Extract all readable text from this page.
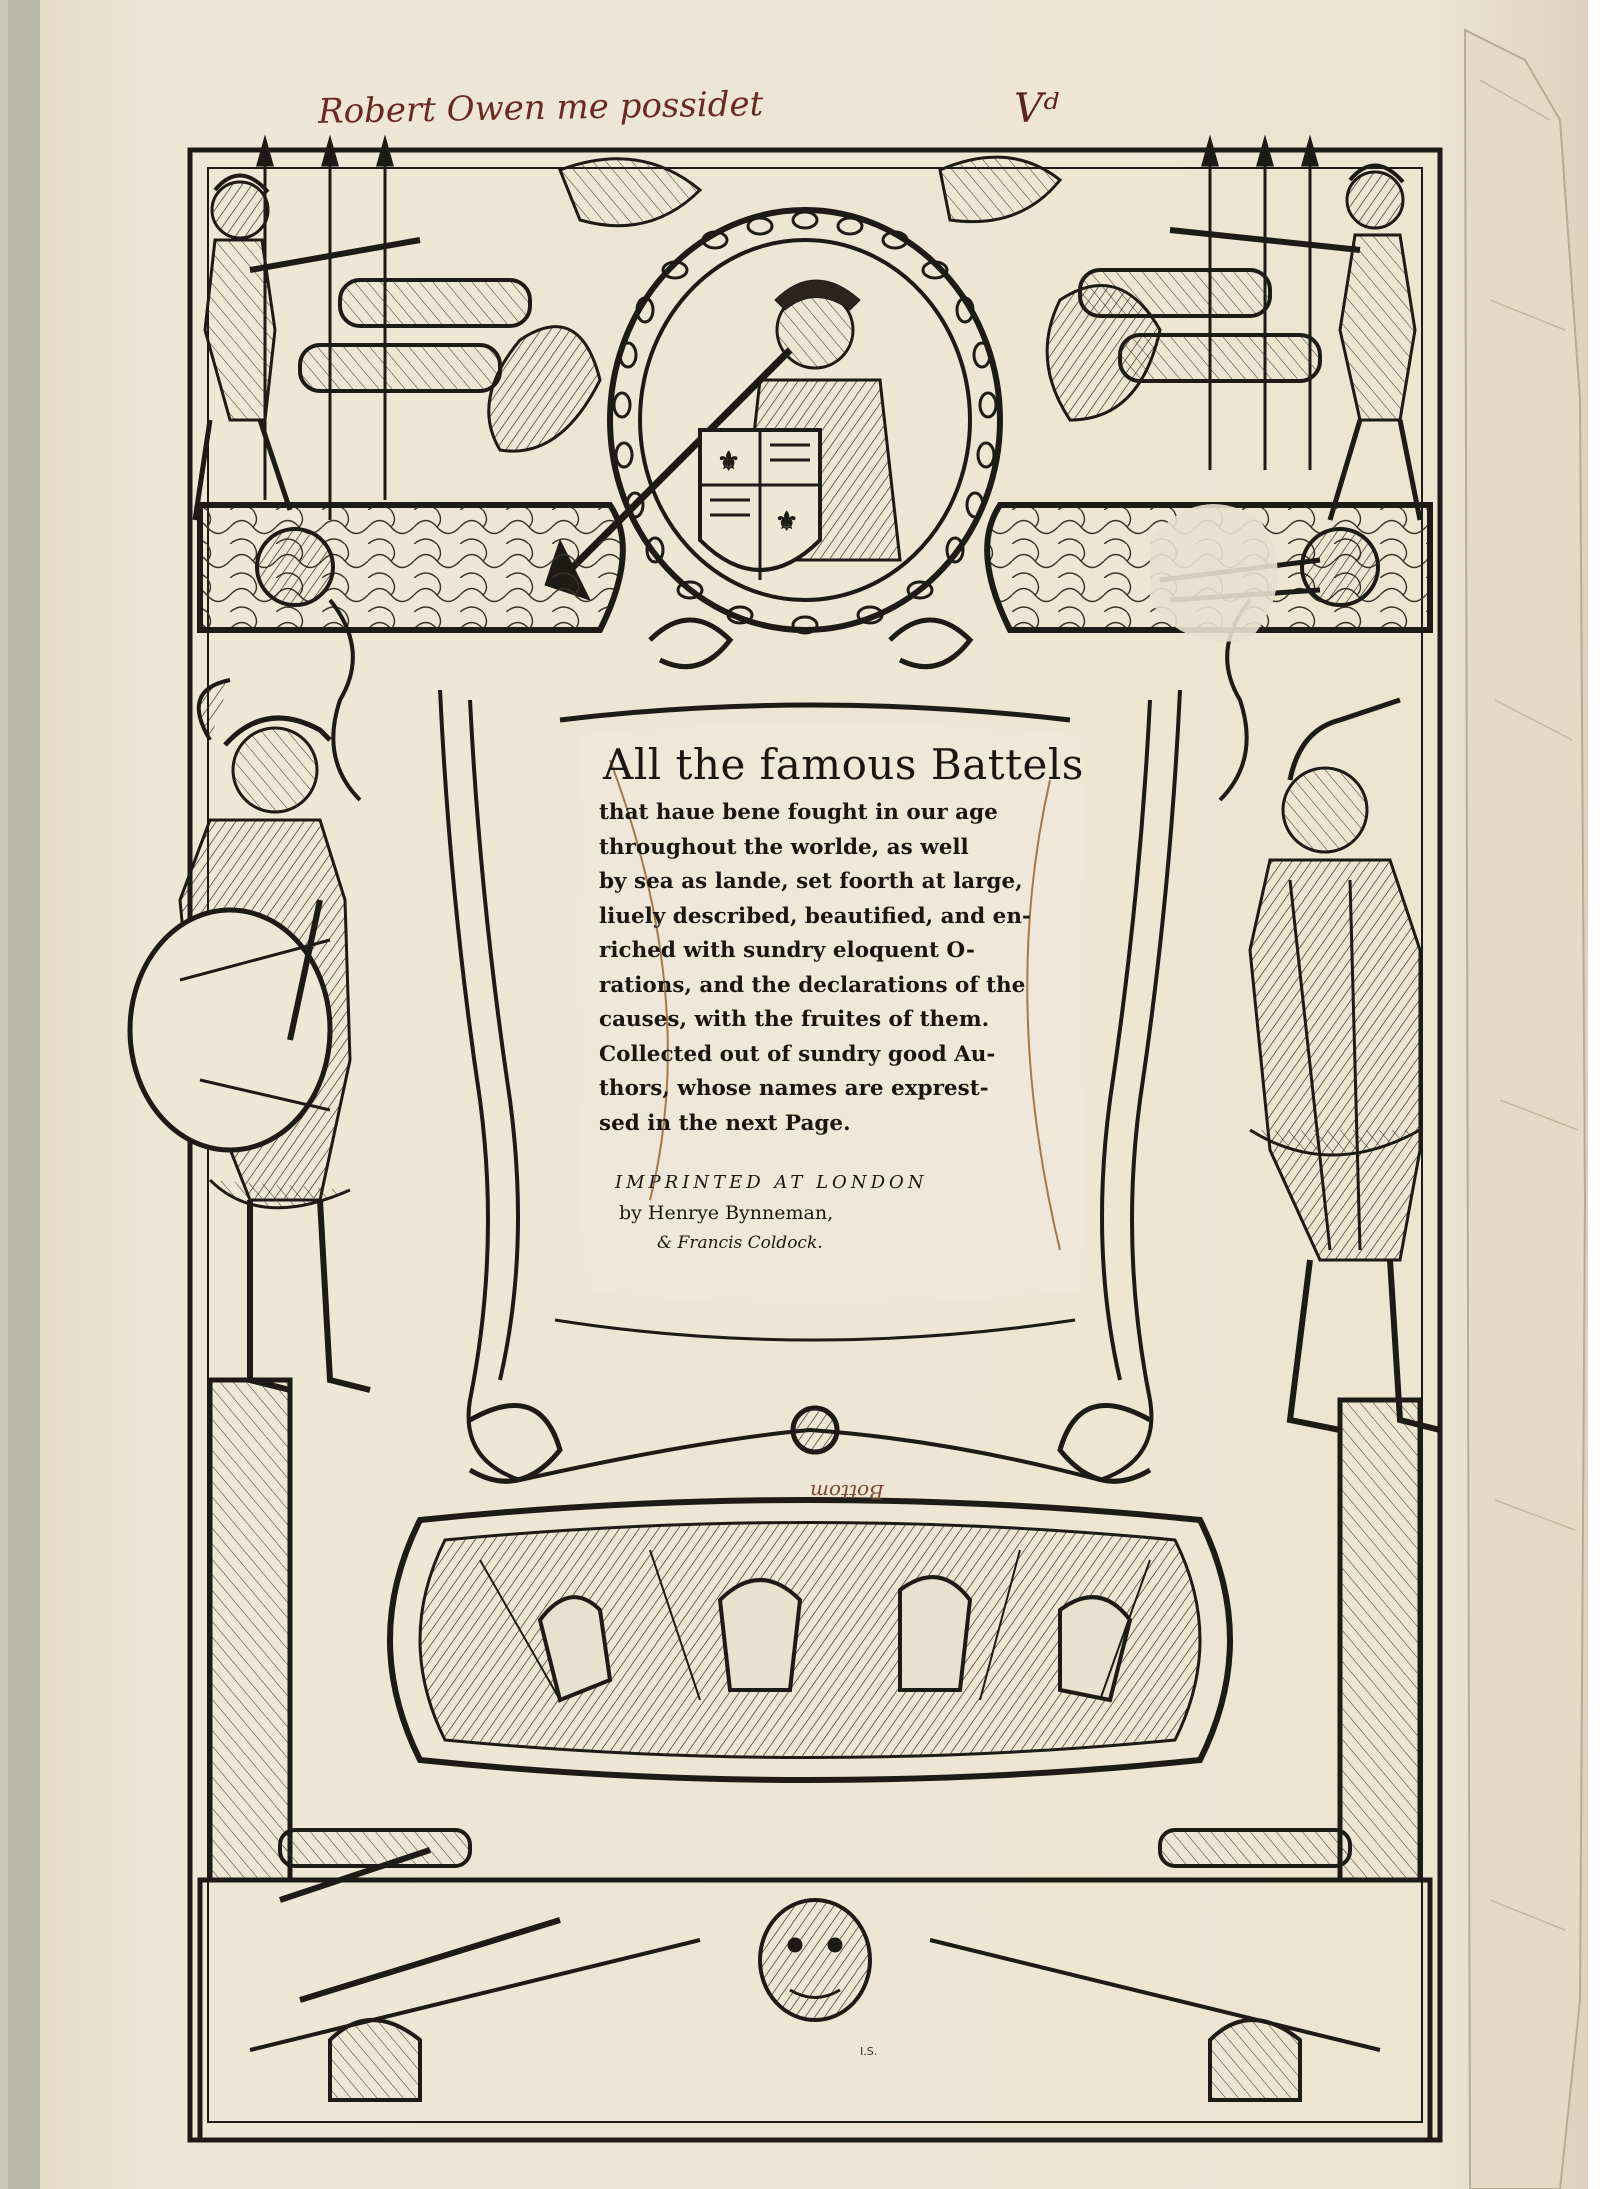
⚜
⚜
Robert Owen me possidet	Vᵈ
All the famous Battels
that haue bene fought in our age
throughout the worlde, as well
by sea as lande, set foorth at large,
liuely described, beautified, and en-
riched with sundry eloquent O-
rations, and the declarations of the
causes, with the fruites of them.
Collected out of sundry good Au-
thors, whose names are exprest-
sed in the next Page.
IMPRINTED AT LONDON
by Henrye Bynneman,
& Francis Coldock.
Bottom
I.S.
